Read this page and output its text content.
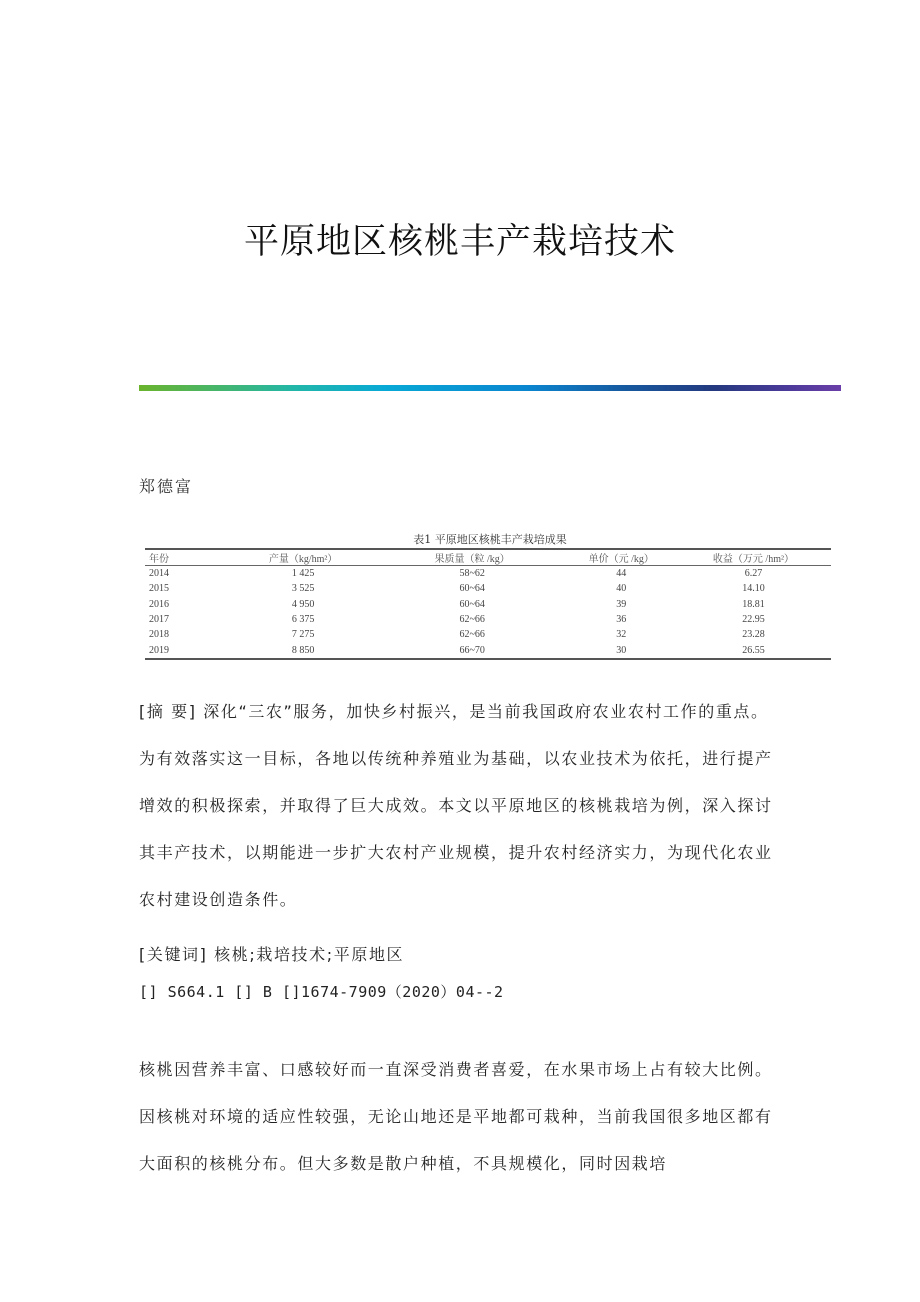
平原地区核桃丰产栽培技术
郑德富
表1 平原地区核桃丰产栽培成果
年份	产量（kg/hm²）	果质量（粒 /kg）	单价（元 /kg）	收益（万元 /hm²）
2014	1 425	58~62	44	6.27
2015	3 525	60~64	40	14.10
2016	4 950	60~64	39	18.81
2017	6 375	62~66	36	22.95
2018	7 275	62~66	32	23.28
2019	8 850	66~70	30	26.55

[摘 要] 深化“三农”服务，加快乡村振兴，是当前我国政府农业农村工作的重点。为有效落实这一目标，各地以传统种养殖业为基础，以农业技术为依托，进行提产增效的积极探索，并取得了巨大成效。本文以平原地区的核桃栽培为例，深入探讨其丰产技术，以期能进一步扩大农村产业规模，提升农村经济实力，为现代化农业农村建设创造条件。

[关键词] 核桃;栽培技术;平原地区

[] S664.1 [] B []1674-7909（2020）04--2

核桃因营养丰富、口感较好而一直深受消费者喜爱，在水果市场上占有较大比例。因核桃对环境的适应性较强，无论山地还是平地都可栽种，当前我国很多地区都有大面积的核桃分布。但大多数是散户种植，不具规模化，同时因栽培
